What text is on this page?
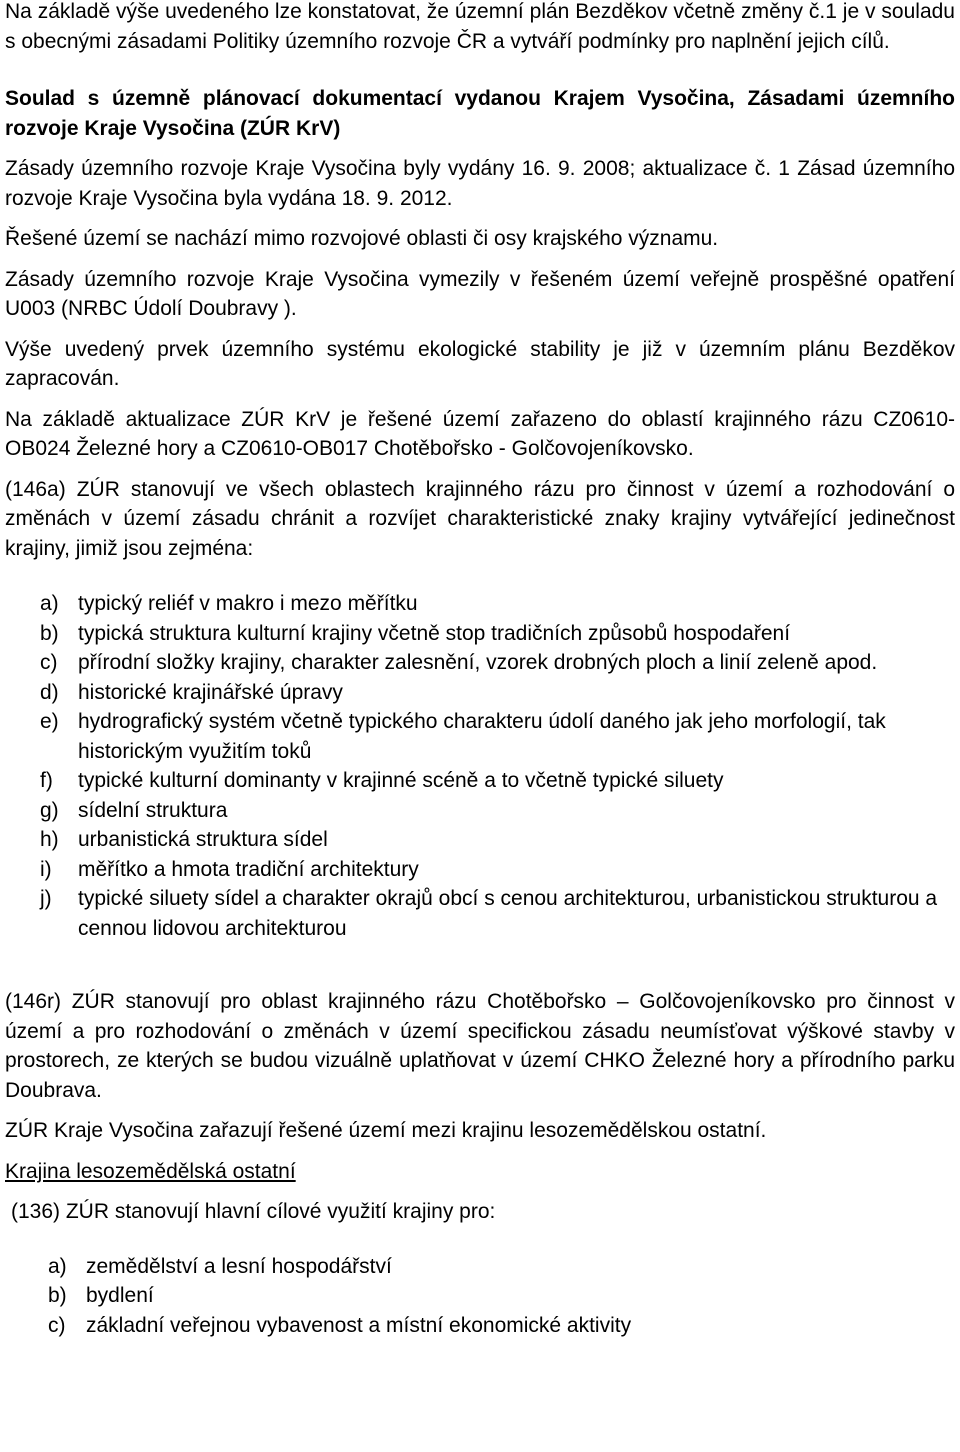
Na základě výše uvedeného lze konstatovat, že územní plán Bezděkov včetně změny č.1 je v souladu s obecnými zásadami Politiky územního rozvoje ČR a vytváří podmínky pro naplnění jejich cílů.

Soulad s územně plánovací dokumentací vydanou Krajem Vysočina, Zásadami územního rozvoje Kraje Vysočina (ZÚR KrV)

Zásady územního rozvoje Kraje Vysočina byly vydány 16. 9. 2008; aktualizace č. 1 Zásad územního rozvoje Kraje Vysočina byla vydána 18. 9. 2012.

Řešené území se nachází mimo rozvojové oblasti či osy krajského významu.

Zásady územního rozvoje Kraje Vysočina vymezily v řešeném území veřejně prospěšné opatření U003 (NRBC Údolí Doubravy ).

Výše uvedený prvek územního systému ekologické stability je již v územním plánu Bezděkov zapracován.

Na základě aktualizace ZÚR KrV je řešené území zařazeno do oblastí krajinného rázu CZ0610-OB024 Železné hory a CZ0610-OB017 Chotěbořsko - Golčovojeníkovsko.

(146a) ZÚR stanovují ve všech oblastech krajinného rázu pro činnost v území a rozhodování o změnách v území zásadu chránit a rozvíjet charakteristické znaky krajiny vytvářející jedinečnost krajiny, jimiž jsou zejména:

a) typický reliéf v makro i mezo měřítku
b) typická struktura kulturní krajiny včetně stop tradičních způsobů hospodaření
c) přírodní složky krajiny, charakter zalesnění, vzorek drobných ploch a linií zeleně apod.
d) historické krajinářské úpravy
e) hydrografický systém včetně typického charakteru údolí daného jak jeho morfologií, tak historickým využitím toků
f)	typické kulturní dominanty v krajinné scéně a to včetně typické siluety
g) sídelní struktura
h) urbanistická struktura sídel
i)	měřítko a hmota tradiční architektury
j)	typické siluety sídel a charakter okrajů obcí s cenou architekturou, urbanistickou strukturou a cennou lidovou architekturou

(146r) ZÚR stanovují pro oblast krajinného rázu Chotěbořsko – Golčovojeníkovsko pro činnost v území a pro rozhodování o změnách v území specifickou zásadu neumísťovat výškové stavby v prostorech, ze kterých se budou vizuálně uplatňovat v území CHKO Železné hory a přírodního parku Doubrava.

ZÚR Kraje Vysočina zařazují řešené území mezi krajinu lesozemědělskou ostatní.

Krajina lesozemědělská ostatní

(136) ZÚR stanovují hlavní cílové využití krajiny pro:

a) zemědělství a lesní hospodářství
b) bydlení
c) základní veřejnou vybavenost a místní ekonomické aktivity
